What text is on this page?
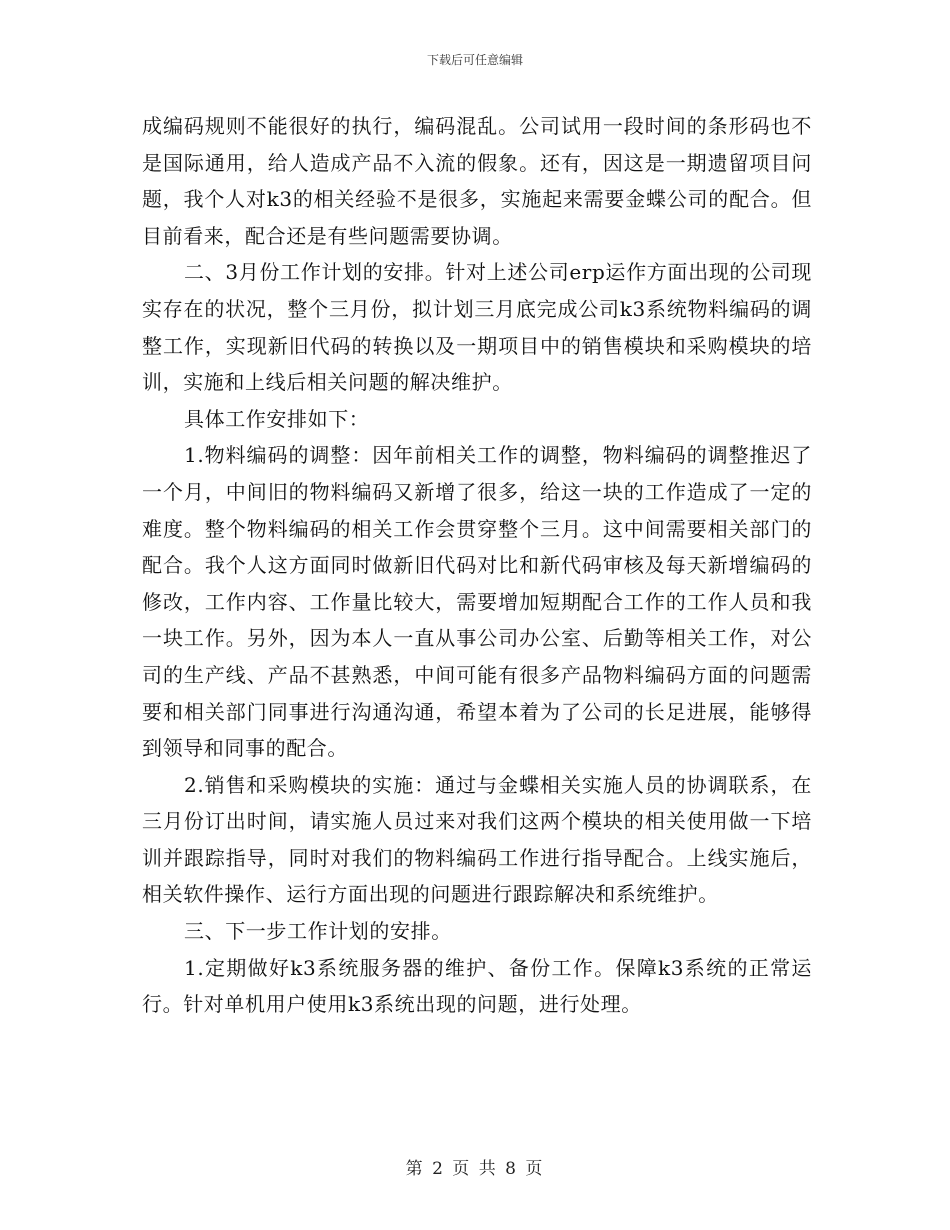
下载后可任意编辑

成编码规则不能很好的执行，编码混乱。公司试用一段时间的条形码也不是国际通用，给人造成产品不入流的假象。还有，因这是一期遗留项目问题，我个人对k3的相关经验不是很多，实施起来需要金蝶公司的配合。但目前看来，配合还是有些问题需要协调。

二、3月份工作计划的安排。针对上述公司erp运作方面出现的公司现实存在的状况，整个三月份，拟计划三月底完成公司k3系统物料编码的调整工作，实现新旧代码的转换以及一期项目中的销售模块和采购模块的培训，实施和上线后相关问题的解决维护。

具体工作安排如下：

1.物料编码的调整：因年前相关工作的调整，物料编码的调整推迟了一个月，中间旧的物料编码又新增了很多，给这一块的工作造成了一定的难度。整个物料编码的相关工作会贯穿整个三月。这中间需要相关部门的配合。我个人这方面同时做新旧代码对比和新代码审核及每天新增编码的修改，工作内容、工作量比较大，需要增加短期配合工作的工作人员和我一块工作。另外，因为本人一直从事公司办公室、后勤等相关工作，对公司的生产线、产品不甚熟悉，中间可能有很多产品物料编码方面的问题需要和相关部门同事进行沟通沟通，希望本着为了公司的长足进展，能够得到领导和同事的配合。

2.销售和采购模块的实施：通过与金蝶相关实施人员的协调联系，在三月份订出时间，请实施人员过来对我们这两个模块的相关使用做一下培训并跟踪指导，同时对我们的物料编码工作进行指导配合。上线实施后，相关软件操作、运行方面出现的问题进行跟踪解决和系统维护。

三、下一步工作计划的安排。

1.定期做好k3系统服务器的维护、备份工作。保障k3系统的正常运行。针对单机用户使用k3系统出现的问题，进行处理。

第 2 页 共 8 页
